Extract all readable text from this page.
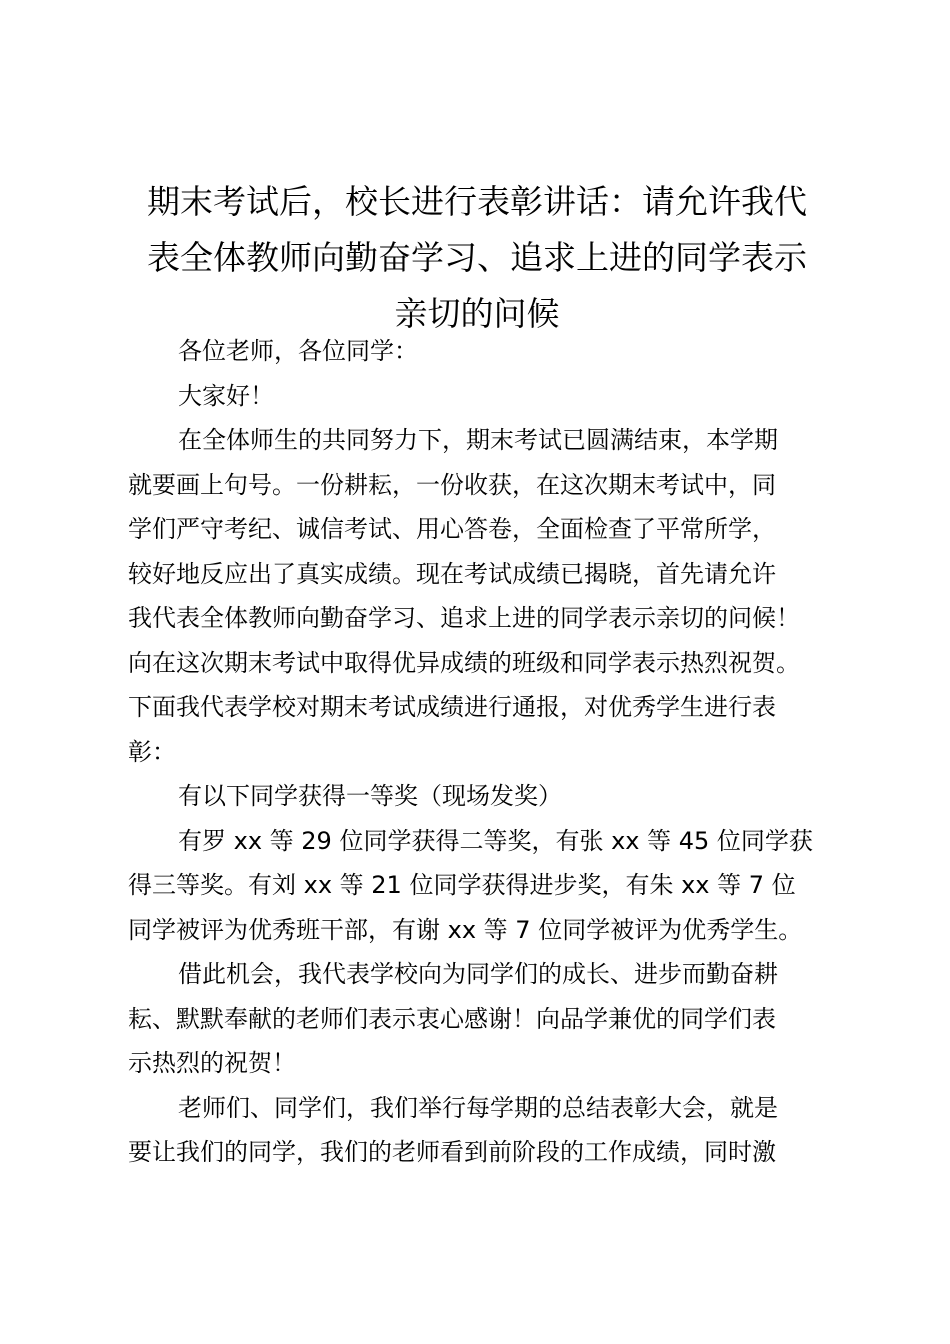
期末考试后，校长进行表彰讲话：请允许我代
表全体教师向勤奋学习、追求上进的同学表示
亲切的问候

各位老师，各位同学：

大家好！

在全体师生的共同努力下，期末考试已圆满结束，本学期
就要画上句号。一份耕耘，一份收获，在这次期末考试中，同
学们严守考纪、诚信考试、用心答卷，全面检查了平常所学，
较好地反应出了真实成绩。现在考试成绩已揭晓，首先请允许
我代表全体教师向勤奋学习、追求上进的同学表示亲切的问候！
向在这次期末考试中取得优异成绩的班级和同学表示热烈祝贺。
下面我代表学校对期末考试成绩进行通报，对优秀学生进行表
彰：

有以下同学获得一等奖（现场发奖）

有罗 xx 等 29 位同学获得二等奖，有张 xx 等 45 位同学获
得三等奖。有刘 xx 等 21 位同学获得进步奖，有朱 xx 等 7 位
同学被评为优秀班干部，有谢 xx 等 7 位同学被评为优秀学生。

借此机会，我代表学校向为同学们的成长、进步而勤奋耕
耘、默默奉献的老师们表示衷心感谢！向品学兼优的同学们表
示热烈的祝贺！

老师们、同学们，我们举行每学期的总结表彰大会，就是
要让我们的同学，我们的老师看到前阶段的工作成绩，同时激
